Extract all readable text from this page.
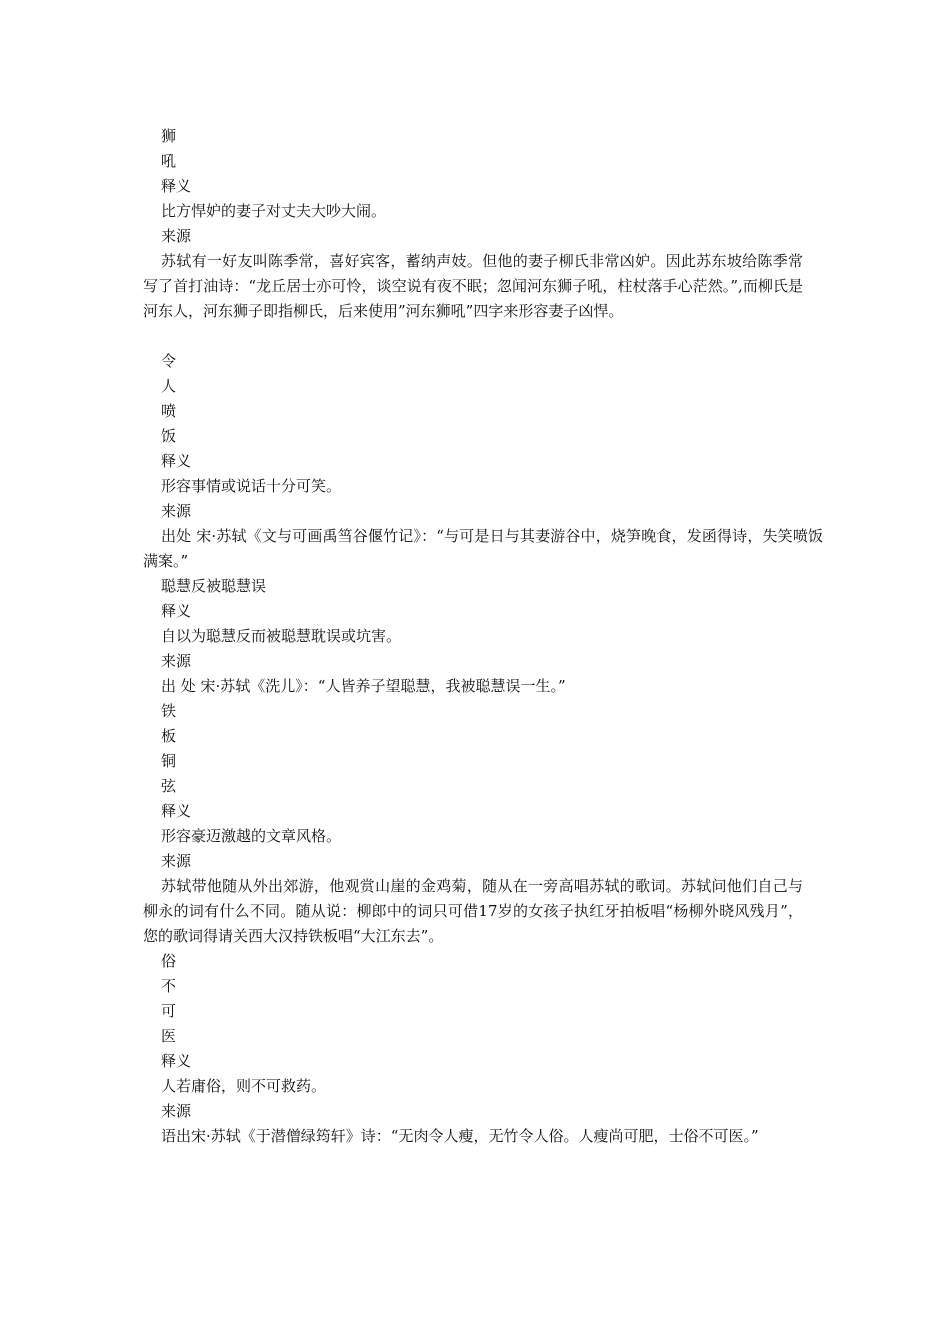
狮
吼
释义
比方悍妒的妻子对丈夫大吵大闹。
来源

苏轼有一好友叫陈季常，喜好宾客，蓄纳声妓。但他的妻子柳氏非常凶妒。因此苏东坡给陈季常写了首打油诗：“龙丘居士亦可怜，谈空说有夜不眠；忽闻河东狮子吼，柱杖落手心茫然。”,而柳氏是河东人，河东狮子即指柳氏，后来使用”河东狮吼”四字来形容妻子凶悍。

令
人
喷
饭
释义
形容事情或说话十分可笑。
来源

出处 宋·苏轼《文与可画禹筜谷偃竹记》：“与可是日与其妻游谷中，烧笋晚食，发函得诗，失笑喷饭满案。”

聪慧反被聪慧误
释义
自以为聪慧反而被聪慧耽误或坑害。
来源
出 处 宋·苏轼《洗儿》：“人皆养子望聪慧，我被聪慧误一生。”
铁
板
铜
弦
释义
形容豪迈激越的文章风格。
来源

苏轼带他随从外出郊游，他观赏山崖的金鸡菊，随从在一旁高唱苏轼的歌词。苏轼问他们自己与柳永的词有什么不同。随从说：柳郎中的词只可借17岁的女孩子执红牙拍板唱“杨柳外晓风残月”，您的歌词得请关西大汉持铁板唱“大江东去”。

俗
不
可
医
释义
人若庸俗，则不可救药。
来源

语出宋·苏轼《于潜僧绿筠轩》诗：“无肉令人瘦，无竹令人俗。人瘦尚可肥，士俗不可医。”
